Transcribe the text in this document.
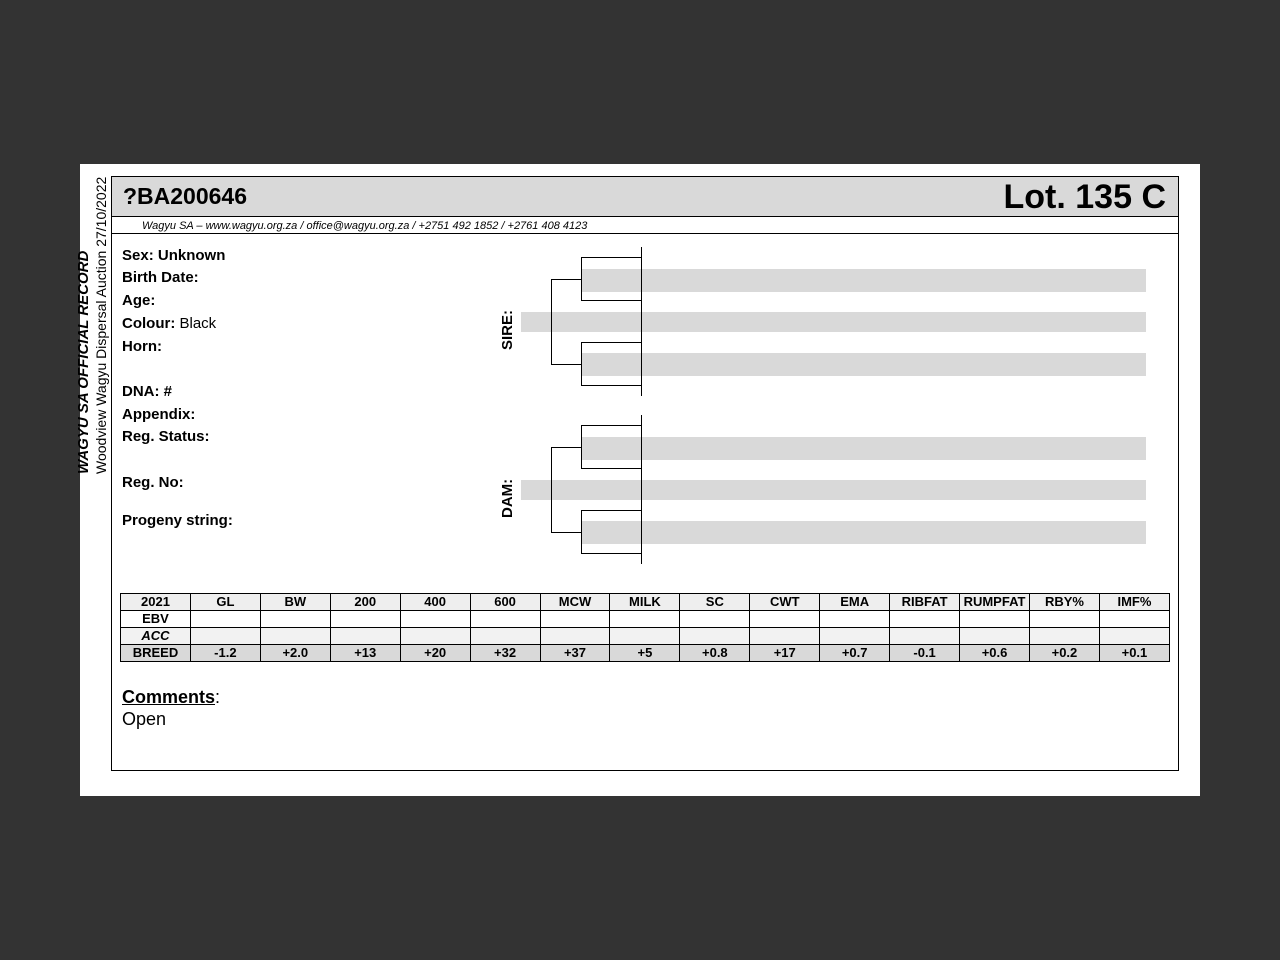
WAGYU SA OFFICIAL RECORD Woodview Wagyu Dispersal Auction 27/10/2022 ?BA200646	Lot. 135 C
Wagyu SA – www.wagyu.org.za / office@wagyu.org.za / +2751 492 1852 / +2761 408 4123
Sex: Unknown
Birth Date:
Age:
Colour: Black
Horn:
DNA: #
Appendix:
Reg. Status:
Reg. No:
Progeny string:
SIRE:
DAM:
2021	GL	BW	200	400	600	MCW	MILK	SC	CWT	EMA	RIBFAT	RUMPFAT	RBY%	IMF%
EBV														
ACC														
BREED	-1.2	+2.0	+13	+20	+32	+37	+5	+0.8	+17	+0.7	-0.1	+0.6	+0.2	+0.1
Comments:
Open
